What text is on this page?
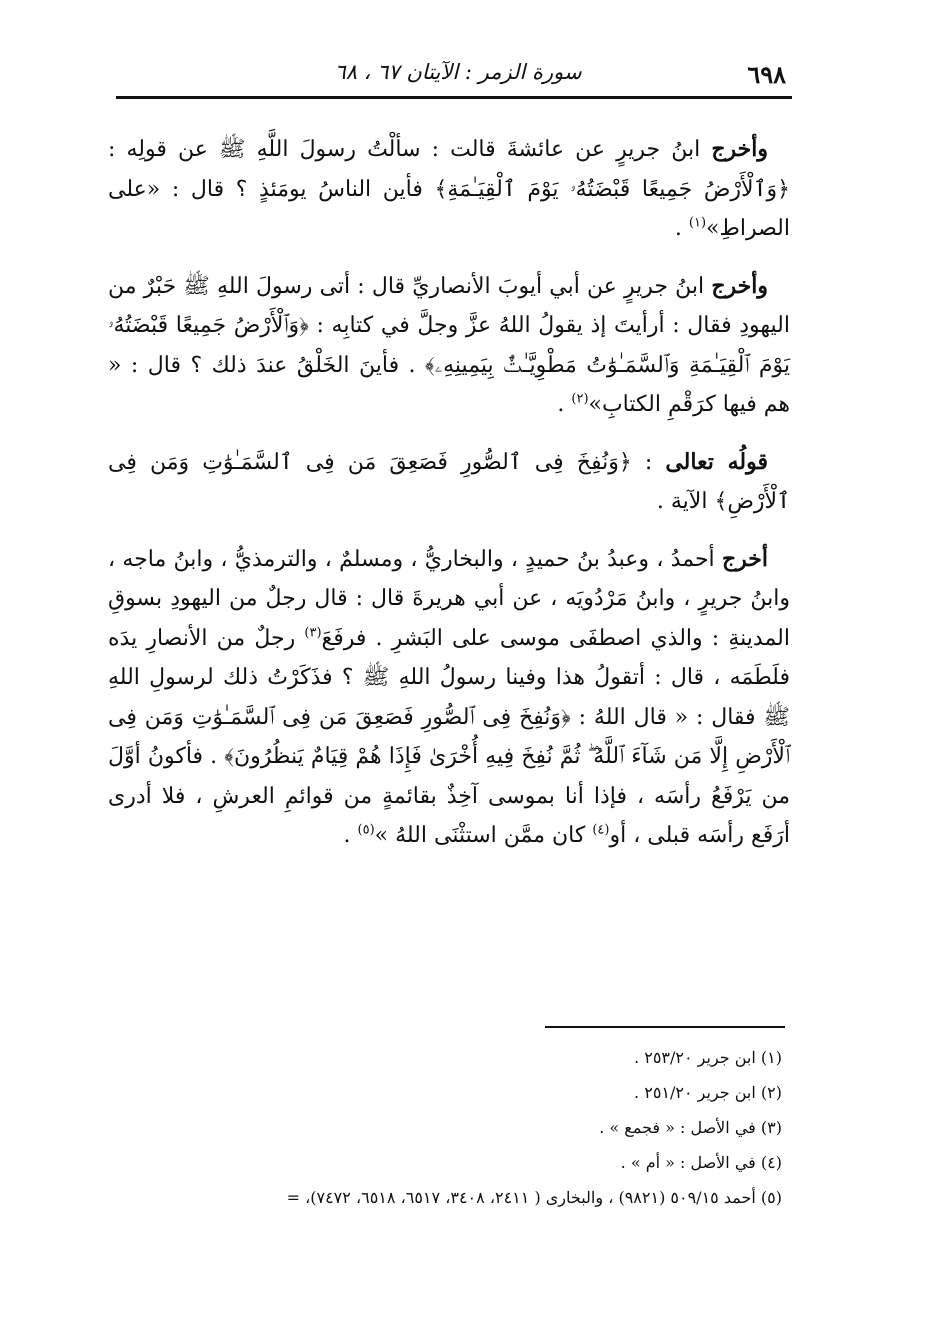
٦٩٨
سورة الزمر : الآيتان ٦٧ ، ٦٨

وأخرج ابنُ جريرٍ عن عائشةَ قالت : سألْتُ رسولَ اللَّهِ ﷺ عن قولِه : ﴿وَٱلْأَرْضُ جَمِيعًا قَبْضَتُهُۥ يَوْمَ ٱلْقِيَـٰمَةِ﴾ فأين الناسُ يومَئذٍ ؟ قال : «على الصراطِ»$^{(١)}$ .

وأخرج ابنُ جريرٍ عن أبي أيوبَ الأنصاريِّ قال : أتى رسولَ اللهِ ﷺ حَبْرٌ من اليهودِ فقال : أرأيتَ إذ يقولُ اللهُ عزَّ وجلَّ في كتابِه : ﴿وَٱلْأَرْضُ جَمِيعًا قَبْضَتُهُۥ يَوْمَ ٱلْقِيَـٰمَةِ وَٱلسَّمَـٰوَٰتُ مَطْوِيَّـٰتٌۢ بِيَمِينِهِۦ﴾ . فأينَ الخَلْقُ عندَ ذلك ؟ قال : « هم فيها كرَقْمِ الكتابِ»$^{(٢)}$ .

قولُه تعالى : ﴿وَنُفِخَ فِى ٱلصُّورِ فَصَعِقَ مَن فِى ٱلسَّمَـٰوَٰتِ وَمَن فِى ٱلْأَرْضِ﴾ الآية .

أخرج أحمدُ ، وعبدُ بنُ حميدٍ ، والبخاريُّ ، ومسلمٌ ، والترمذيُّ ، وابنُ ماجه ، وابنُ جريرٍ ، وابنُ مَرْدُويَه ، عن أبي هريرةَ قال : قال رجلٌ من اليهودِ بسوقِ المدينةِ : والذي اصطفَى موسى على البَشرِ . فرفَعَ$^{(٣)}$ رجلٌ من الأنصارِ يدَه فلَطَمَه ، قال : أتقولُ هذا وفينا رسولُ اللهِ ﷺ ؟ فذَكَرْتُ ذلك لرسولِ اللهِ ﷺ فقال : « قال اللهُ : ﴿وَنُفِخَ فِى ٱلصُّورِ فَصَعِقَ مَن فِى ٱلسَّمَـٰوَٰتِ وَمَن فِى ٱلْأَرْضِ إِلَّا مَن شَآءَ ٱللَّهُ ۖ ثُمَّ نُفِخَ فِيهِ أُخْرَىٰ فَإِذَا هُمْ قِيَامٌ يَنظُرُونَ﴾ . فأكونُ أوَّلَ من يَرْفَعُ رأسَه ، فإذا أنا بموسى آخِذٌ بقائمةٍ من قوائمِ العرشِ ، فلا أدرى أرَفَع رأسَه قبلى ، أو$^{(٤)}$ كان ممَّن استثْنَى اللهُ »$^{(٥)}$ .

(١) ابن جرير ٢٥٣/٢٠ .

(٢) ابن جرير ٢٥١/٢٠ .

(٣) في الأصل : « فجمع » .

(٤) في الأصل : « أم » .

(٥) أحمد ٥٠٩/١٥ (٩٨٢١) ، والبخارى ( ٢٤١١، ٣٤٠٨، ٦٥١٧، ٦٥١٨، ٧٤٧٢)، =
